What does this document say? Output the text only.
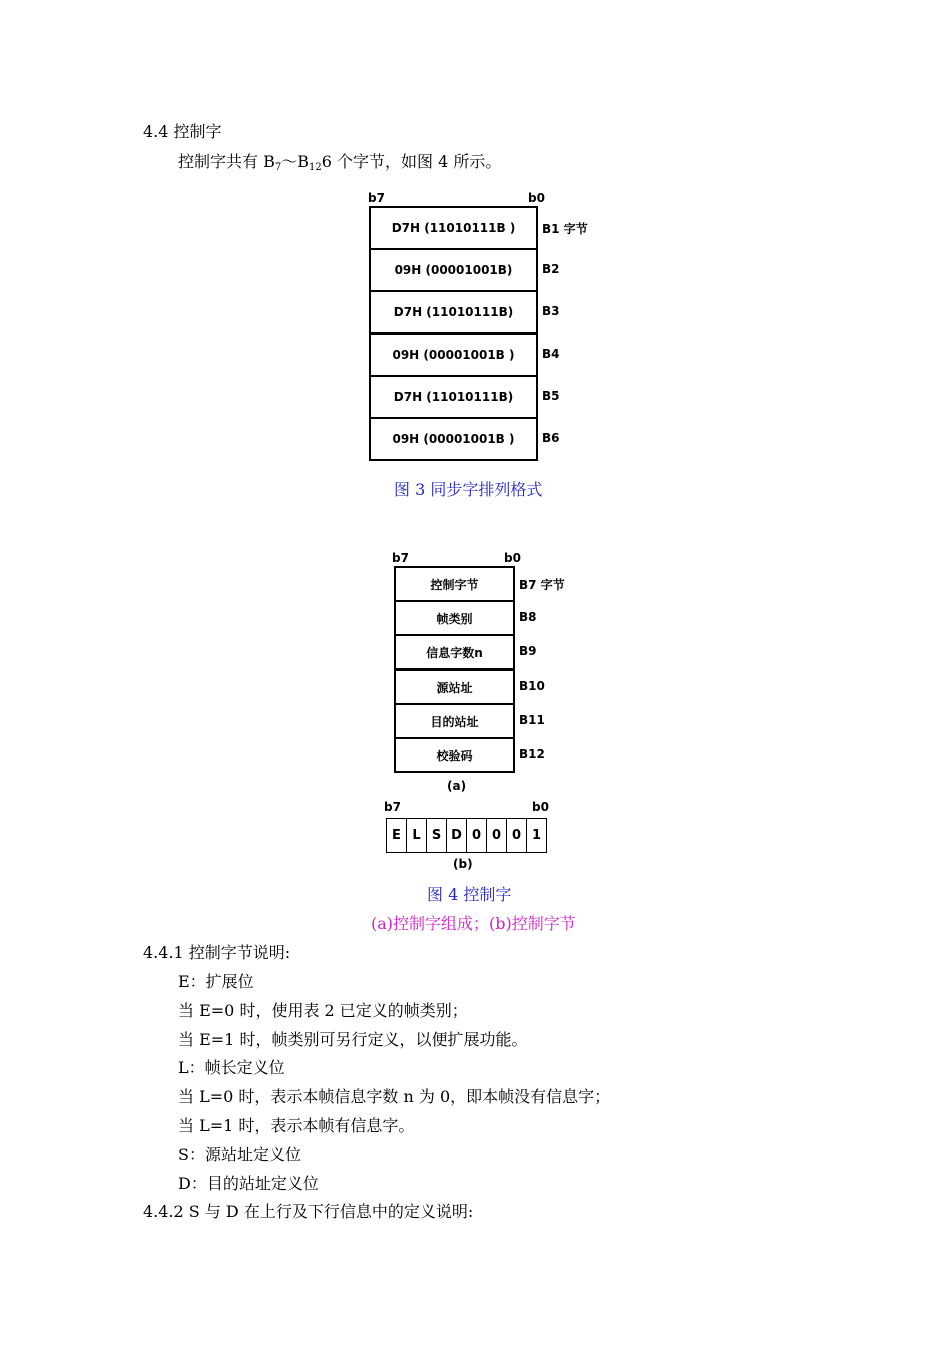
4.4 控制字
控制字共有 $B_7\sim B_{12}6$ 个字节，如图 4 所示。
b7	b0
D7H (11010111B )	B1 字节
09H (00001001B)	B2
D7H (11010111B)	B3
09H (00001001B )	B4
D7H (11010111B)	B5
09H (00001001B )	B6
图 3 同步字排列格式
b7	b0
控制字节	B7 字节
帧类别	B8
信息字数n	B9
源站址	B10
目的站址	B11
校验码	B12
(a)
b7	b0
E L S D 0 0 0 1
(b)
图 4 控制字
(a)控制字组成；(b)控制字节
4.4.1 控制字节说明:
E：扩展位
当 E=0 时，使用表 2 已定义的帧类别；
当 E=1 时，帧类别可另行定义，以便扩展功能。
L：帧长定义位
当 L=0 时，表示本帧信息字数 n 为 0，即本帧没有信息字；
当 L=1 时，表示本帧有信息字。
S：源站址定义位
D：目的站址定义位
4.4.2 S 与 D 在上行及下行信息中的定义说明:
